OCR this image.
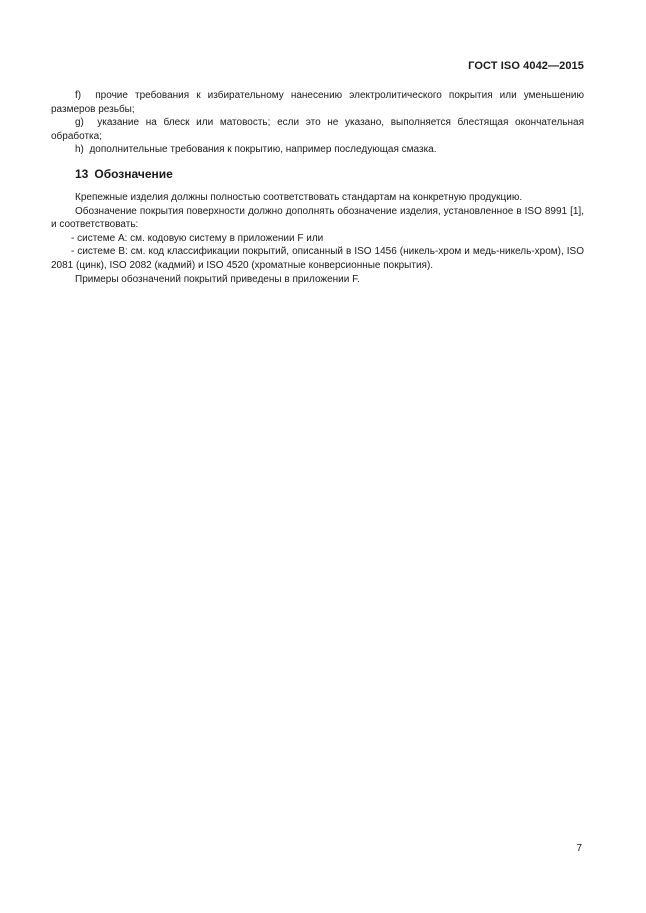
ГОСТ ISO 4042—2015

f) прочие требования к избирательному нанесению электролитического покрытия или уменьшению размеров резьбы;

g) указание на блеск или матовость; если это не указано, выполняется блестящая окончательная обработка;

h) дополнительные требования к покрытию, например последующая смазка.

13 Обозначение

Крепежные изделия должны полностью соответствовать стандартам на конкретную продукцию.

Обозначение покрытия поверхности должно дополнять обозначение изделия, установленное в ISO 8991 [1], и соответствовать:

- системе А: см. кодовую систему в приложении F или

- системе B: см. код классификации покрытий, описанный в ISO 1456 (никель-хром и медь-никель-хром), ISO 2081 (цинк), ISO 2082 (кадмий) и ISO 4520 (хроматные конверсионные покрытия).

Примеры обозначений покрытий приведены в приложении F.

7
